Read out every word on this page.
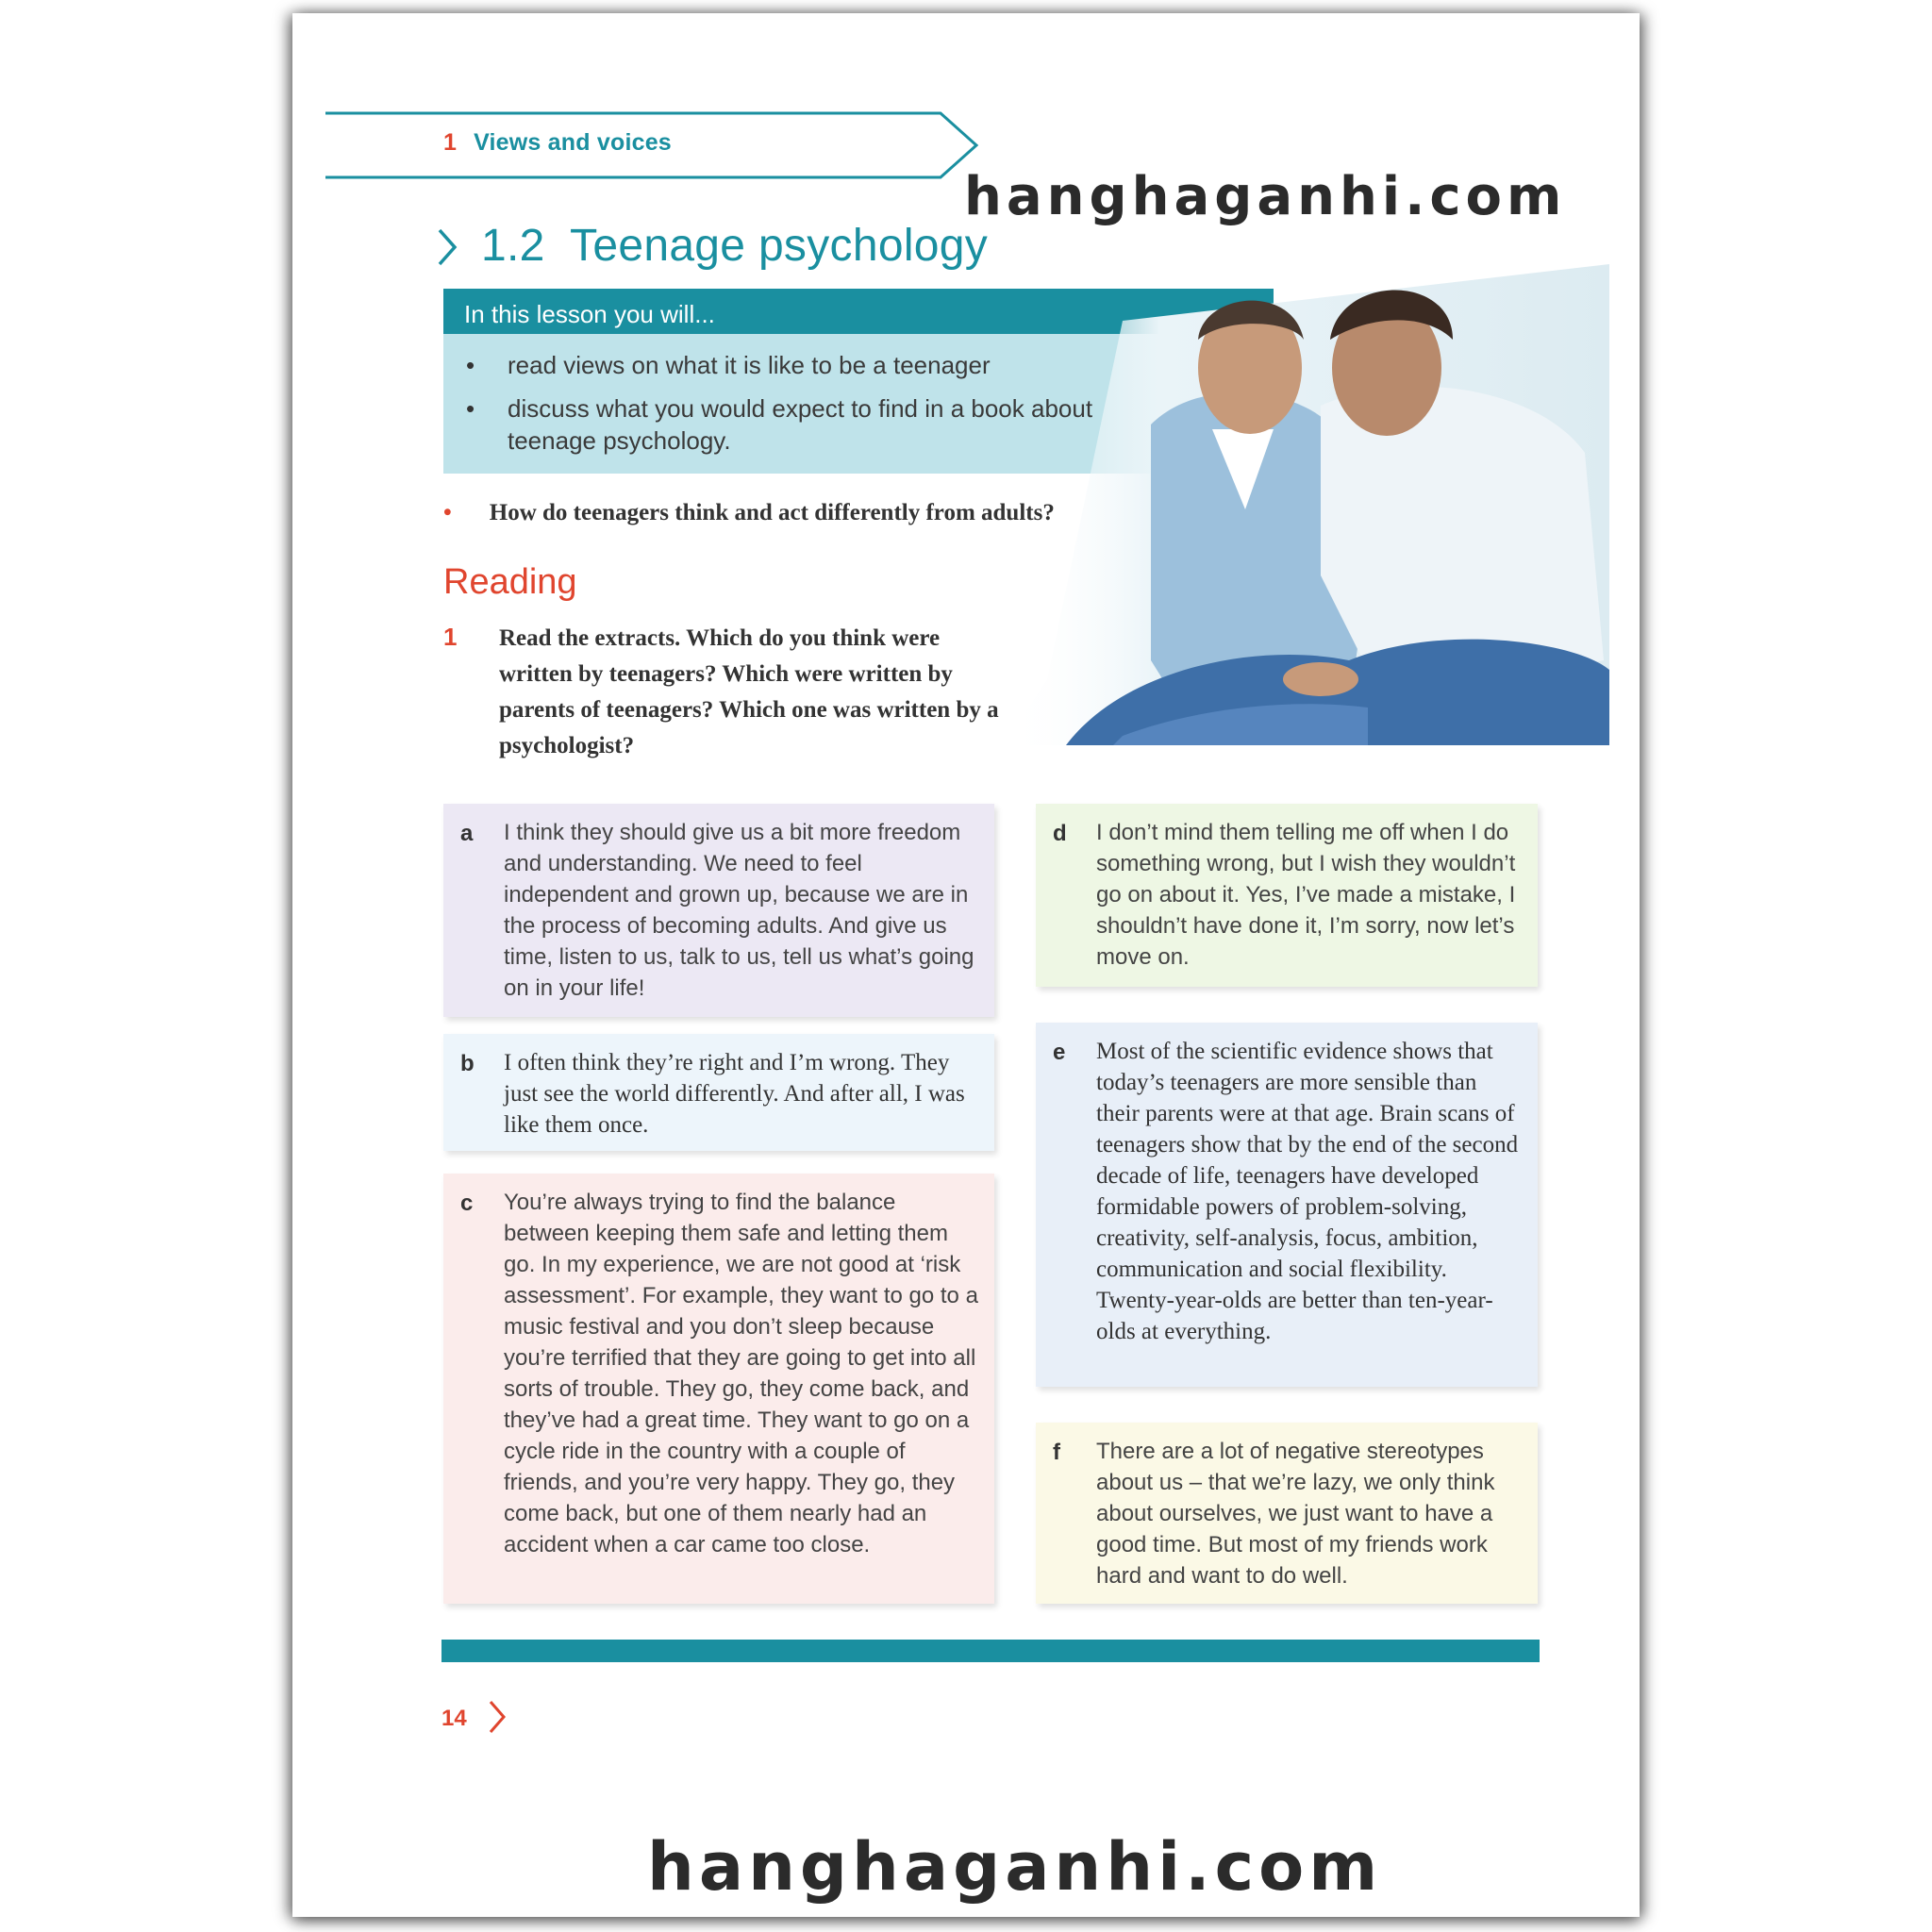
1 Views and voices
hanghaganhi.com
1.2  Teenage psychology
In this lesson you will...
• read views on what it is like to be a teenager
• discuss what you would expect to find in a book about teenage psychology.
• How do teenagers think and act differently from adults?
Reading
1 Read the extracts. Which do you think were written by teenagers? Which were written by parents of teenagers? Which one was written by a psychologist?
a I think they should give us a bit more freedom and understanding. We need to feel independent and grown up, because we are in the process of becoming adults. And give us time, listen to us, talk to us, tell us what’s going on in your life!
b I often think they’re right and I’m wrong. They just see the world differently. And after all, I was like them once.
c You’re always trying to find the balance between keeping them safe and letting them go. In my experience, we are not good at ‘risk assessment’. For example, they want to go to a music festival and you don’t sleep because you’re terrified that they are going to get into all sorts of trouble. They go, they come back, and they’ve had a great time. They want to go on a cycle ride in the country with a couple of friends, and you’re very happy. They go, they come back, but one of them nearly had an accident when a car came too close.
d I don’t mind them telling me off when I do something wrong, but I wish they wouldn’t go on about it. Yes, I’ve made a mistake, I shouldn’t have done it, I’m sorry, now let’s move on.
e Most of the scientific evidence shows that today’s teenagers are more sensible than their parents were at that age. Brain scans of teenagers show that by the end of the second decade of life, teenagers have developed formidable powers of problem-solving, creativity, self-analysis, focus, ambition, communication and social flexibility. Twenty-year-olds are better than ten-year-olds at everything.
f There are a lot of negative stereotypes about us – that we’re lazy, we only think about ourselves, we just want to have a good time. But most of my friends work hard and want to do well.
14
hanghaganhi.com
